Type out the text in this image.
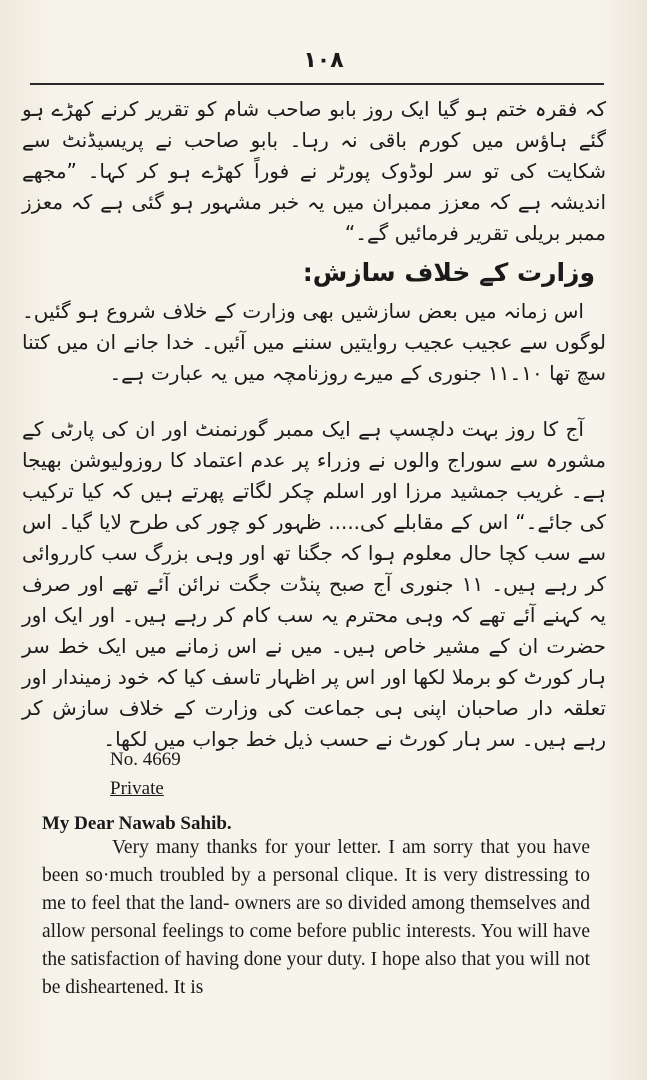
۱۰۸

کہ فقرہ ختم ہو گیا ایک روز بابو صاحب شام کو تقریر کرنے کھڑے ہو گئے ہاؤس میں کورم باقی نہ رہا۔ بابو صاحب نے پریسیڈنٹ سے شکایت کی تو سر لوڈوک پورٹر نے فوراً کھڑے ہو کر کہا۔ ”مجھے اندیشہ ہے کہ معزز ممبران میں یہ خبر مشہور ہو گئی ہے کہ معزز ممبر بریلی تقریر فرمائیں گے۔“

وزارت کے خلاف سازش:

اس زمانہ میں بعض سازشیں بھی وزارت کے خلاف شروع ہو گئیں۔ لوگوں سے عجیب عجیب روایتیں سننے میں آئیں۔ خدا جانے ان میں کتنا سچ تھا ۱۰۔۱۱ جنوری کے میرے روزنامچہ میں یہ عبارت ہے۔

آج کا روز بہت دلچسپ ہے ایک ممبر گورنمنٹ اور ان کی پارٹی کے مشورہ سے سوراج والوں نے وزراء پر عدم اعتماد کا روزولیوشن بھیجا ہے۔ غریب جمشید مرزا اور اسلم چکر لگاتے پھرتے ہیں کہ کیا ترکیب کی جائے۔“ اس کے مقابلے کی..... ظہور کو چور کی طرح لایا گیا۔ اس سے سب کچا حال معلوم ہوا کہ جگنا تھ اور وہی بزرگ سب کارروائی کر رہے ہیں۔ ۱۱ جنوری آج صبح پنڈت جگت نرائن آئے تھے اور صرف یہ کہنے آئے تھے کہ وہی محترم یہ سب کام کر رہے ہیں۔ اور ایک اور حضرت ان کے مشیر خاص ہیں۔ میں نے اس زمانے میں ایک خط سر ہار کورٹ کو برملا لکھا اور اس پر اظہار تاسف کیا کہ خود زمیندار اور تعلقہ دار صاحبان اپنی ہی جماعت کی وزارت کے خلاف سازش کر رہے ہیں۔ سر ہار کورٹ نے حسب ذیل خط جواب میں لکھا۔

No. 4669

Private

My Dear Nawab Sahib.

Very many thanks for your letter. I am sorry that you have been so·much troubled by a personal clique. It is very distressing to me to feel that the land- owners are so divided among themselves and allow personal feelings to come before public interests. You will have the satisfaction of having done your duty. I hope also that you will not be disheartened. It is
